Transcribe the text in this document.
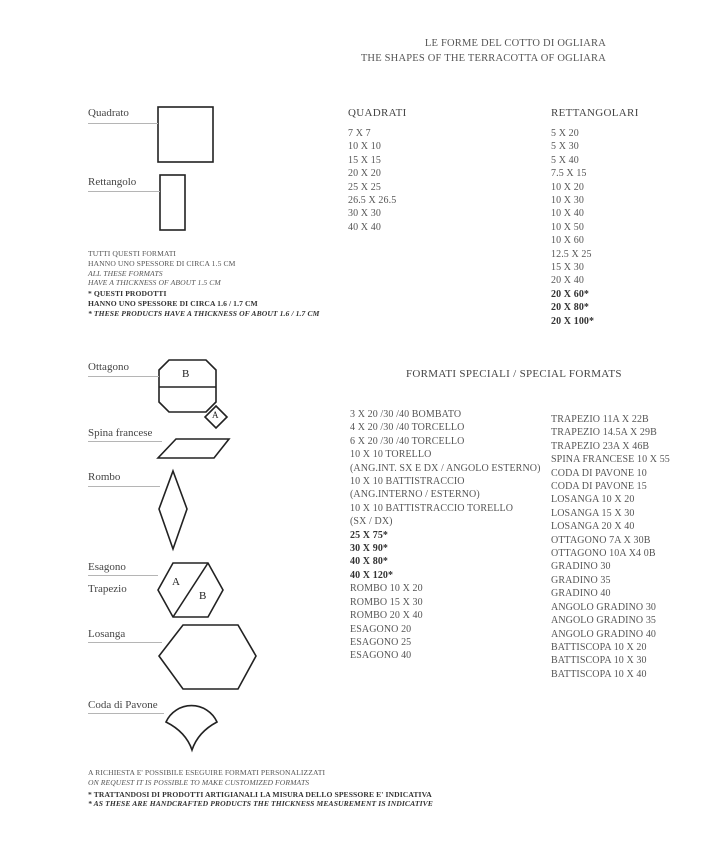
LE FORME DEL COTTO DI OGLIARA
THE SHAPES OF THE TERRACOTTA OF OGLIARA
Quadrato
Rettangolo
Ottagono
Spina francese
Rombo
Esagono
Trapezio
Losanga
Coda di Pavone
B
A
A
B
TUTTI QUESTI FORMATI
HANNO UNO SPESSORE DI CIRCA 1.5 CM
ALL THESE FORMATS
HAVE A THICKNESS OF ABOUT 1.5 CM
* QUESTI PRODOTTI
HANNO UNO SPESSORE DI CIRCA 1.6 / 1.7 CM
* THESE PRODUCTS HAVE A THICKNESS OF ABOUT 1.6 / 1.7 CM
QUADRATI
7 X 7
10 X 10
15 X 15
20 X 20
25 X 25
26.5 X 26.5
30 X 30
40 X 40
RETTANGOLARI
5 X 20
5 X 30
5 X 40
7.5 X 15
10 X 20
10 X 30
10 X 40
10 X 50
10 X 60
12.5 X 25
15 X 30
20 X 40
20 X 60*
20 X 80*
20 X 100*
FORMATI SPECIALI / SPECIAL FORMATS
3 X 20 /30 /40 BOMBATO
4 X 20 /30 /40 TORCELLO
6 X 20 /30 /40 TORCELLO
10 X 10 TORELLO
(ANG.INT. SX E DX / ANGOLO ESTERNO)
10 X 10 BATTISTRACCIO
(ANG.INTERNO / ESTERNO)
10 X 10 BATTISTRACCIO TORELLO
(SX / DX)
25 X 75*
30 X 90*
40 X 80*
40 X 120*
ROMBO 10 X 20
ROMBO 15 X 30
ROMBO 20 X 40
ESAGONO 20
ESAGONO 25
ESAGONO 40
TRAPEZIO 11A X 22B
TRAPEZIO 14.5A X 29B
TRAPEZIO 23A X 46B
SPINA FRANCESE 10 X 55
CODA DI PAVONE 10
CODA DI PAVONE 15
LOSANGA 10 X 20
LOSANGA 15 X 30
LOSANGA 20 X 40
OTTAGONO 7A X 30B
OTTAGONO 10A X4 0B
GRADINO 30
GRADINO 35
GRADINO 40
ANGOLO GRADINO 30
ANGOLO GRADINO 35
ANGOLO GRADINO 40
BATTISCOPA 10 X 20
BATTISCOPA 10 X 30
BATTISCOPA 10 X 40
A RICHIESTA E' POSSIBILE ESEGUIRE FORMATI PERSONALIZZATI
ON REQUEST IT IS POSSIBLE TO MAKE CUSTOMIZED FORMATS
* TRATTANDOSI DI PRODOTTI ARTIGIANALI LA MISURA DELLO SPESSORE E' INDICATIVA
* AS THESE ARE HANDCRAFTED PRODUCTS THE THICKNESS MEASUREMENT IS INDICATIVE
